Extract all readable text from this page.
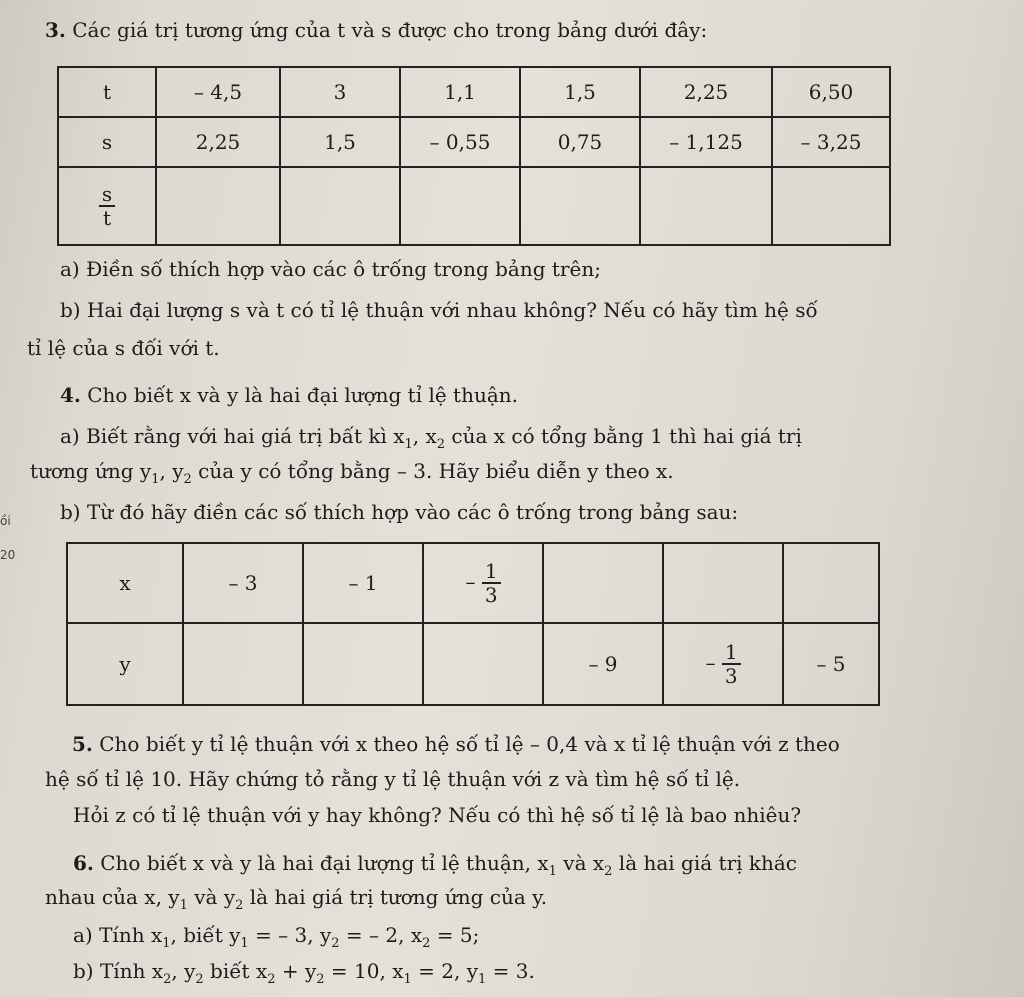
3. Các giá trị tương ứng của t và s được cho trong bảng dưới đây:
t	– 4,5	3	1,1	1,5	2,25	6,50
s	2,25	1,5	– 0,55	0,75	– 1,125	– 3,25

$\frac{s}{t}$

a) Điền số thích hợp vào các ô trống trong bảng trên;
b) Hai đại lượng s và t có tỉ lệ thuận với nhau không? Nếu có hãy tìm hệ số
tỉ lệ của s đối với t.
4. Cho biết x và y là hai đại lượng tỉ lệ thuận.
a) Biết rằng với hai giá trị bất kì $x_1$, $x_2$ của x có tổng bằng 1 thì hai giá trị
tương ứng $y_1$, $y_2$ của y có tổng bằng – 3. Hãy biểu diễn y theo x.
ồi b) Từ đó hãy điền các số thích hợp vào các ô trống trong bảng sau:
20
x	– 3	– 1	– $\frac{1}{3}$

y				– 9	– $\frac{1}{3}$	– 5
5. Cho biết y tỉ lệ thuận với x theo hệ số tỉ lệ – 0,4 và x tỉ lệ thuận với z theo
hệ số tỉ lệ 10. Hãy chứng tỏ rằng y tỉ lệ thuận với z và tìm hệ số tỉ lệ.
Hỏi z có tỉ lệ thuận với y hay không? Nếu có thì hệ số tỉ lệ là bao nhiêu?
6. Cho biết x và y là hai đại lượng tỉ lệ thuận, $x_1$ và $x_2$ là hai giá trị khác
nhau của x, $y_1$ và $y_2$ là hai giá trị tương ứng của y.
a) Tính $x_1$, biết $y_1$ = – 3, $y_2$ = – 2, $x_2 = 5$;
b) Tính $x_2$, $y_2$ biết $x_2 + y_2 = 10$, $x_1 = 2$, $y_1 = 3$.
